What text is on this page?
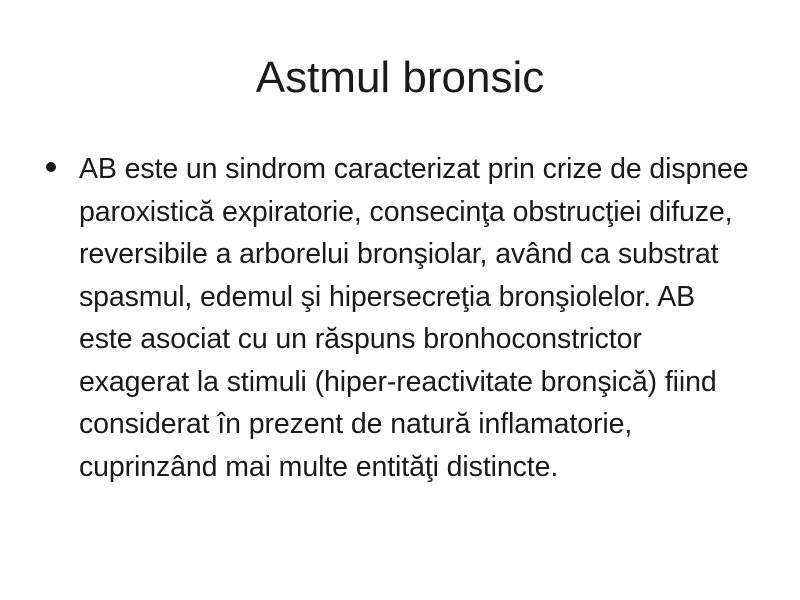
Astmul bronsic
AB este un sindrom caracterizat prin crize de dispnee paroxistică expiratorie, consecinţa obstrucţiei difuze, reversibile a arborelui bronşiolar, având ca substrat spasmul, edemul şi hipersecreţia bronşiolelor. AB este asociat cu un răspuns bronhoconstrictor exagerat la stimuli (hiper-reactivitate bronşică) fiind considerat în prezent de natură inflamatorie, cuprinzând mai multe entităţi distincte.
